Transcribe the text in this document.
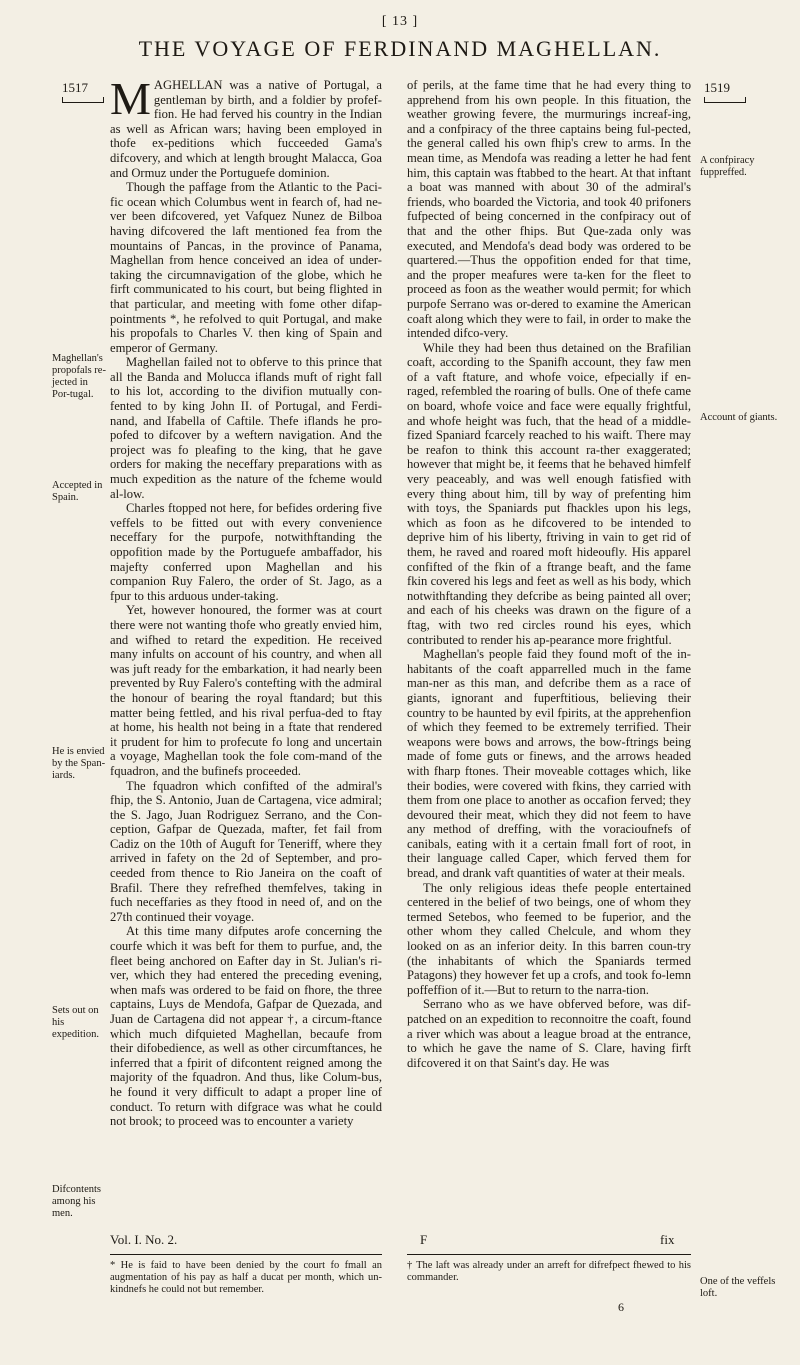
[ 13 ]
THE VOYAGE OF FERDINAND MAGHELLAN.
1517	1519
Maghellan's propofals re-jected in Por-tugal.
Accepted in Spain.
He is envied by the Span-iards.
Sets out on his expedition.
Difcontents among his men.
A confpiracy fuppreffed.
Account of giants.
One of the veffels loft.

MAGHELLAN was a native of Portugal, a gentleman by birth, and a foldier by profef-fion. He had ferved his country in the Indian as well as African wars; having been employed in thofe ex-peditions which fucceeded Gama's difcovery, and which at length brought Malacca, Goa and Ormuz under the Portuguefe dominion.

Though the paffage from the Atlantic to the Paci-fic ocean which Columbus went in fearch of, had ne-ver been difcovered, yet Vafquez Nunez de Bilboa having difcovered the laft mentioned fea from the mountains of Pancas, in the province of Panama, Maghellan from hence conceived an idea of under-taking the circumnavigation of the globe, which he firft communicated to his court, but being flighted in that particular, and meeting with fome other difap-pointments *, he refolved to quit Portugal, and make his propofals to Charles V. then king of Spain and emperor of Germany.

Maghellan failed not to obferve to this prince that all the Banda and Molucca iflands muft of right fall to his lot, according to the divifion mutually con-fented to by king John II. of Portugal, and Ferdi-nand, and Ifabella of Caftile. Thefe iflands he pro-pofed to difcover by a weftern navigation. And the project was fo pleafing to the king, that he gave orders for making the neceffary preparations with as much expedition as the nature of the fcheme would al-low.

Charles ftopped not here, for befides ordering five veffels to be fitted out with every convenience neceffary for the purpofe, notwithftanding the oppofition made by the Portuguefe ambaffador, his majefty conferred upon Maghellan and his companion Ruy Falero, the order of St. Jago, as a fpur to this arduous under-taking.

Yet, however honoured, the former was at court there were not wanting thofe who greatly envied him, and wifhed to retard the expedition. He received many infults on account of his country, and when all was juft ready for the embarkation, it had nearly been prevented by Ruy Falero's contefting with the admiral the honour of bearing the royal ftandard; but this matter being fettled, and his rival perfua-ded to ftay at home, his health not being in a ftate that rendered it prudent for him to profecute fo long and uncertain a voyage, Maghellan took the fole com-mand of the fquadron, and the bufinefs proceeded.

The fquadron which confifted of the admiral's fhip, the S. Antonio, Juan de Cartagena, vice admiral; the S. Jago, Juan Rodriguez Serrano, and the Con-ception, Gafpar de Quezada, mafter, fet fail from Cadiz on the 10th of Auguft for Teneriff, where they arrived in fafety on the 2d of September, and pro-ceeded from thence to Rio Janeira on the coaft of Brafil. There they refrefhed themfelves, taking in fuch neceffaries as they ftood in need of, and on the 27th continued their voyage.

At this time many difputes arofe concerning the courfe which it was beft for them to purfue, and, the fleet being anchored on Eafter day in St. Julian's ri-ver, which they had entered the preceding evening, when mafs was ordered to be faid on fhore, the three captains, Luys de Mendofa, Gafpar de Quezada, and Juan de Cartagena did not appear †, a circum-ftance which much difquieted Maghellan, becaufe from their difobedience, as well as other circumftances, he inferred that a fpirit of difcontent reigned among the majority of the fquadron. And thus, like Colum-bus, he found it very difficult to adapt a proper line of conduct. To return with difgrace was what he could not brook; to proceed was to encounter a variety

of perils, at the fame time that he had every thing to apprehend from his own people. In this fituation, the weather growing fevere, the murmurings increaf-ing, and a confpiracy of the three captains being ful-pected, the general called his own fhip's crew to arms. In the mean time, as Mendofa was reading a letter he had fent him, this captain was ftabbed to the heart. At that inftant a boat was manned with about 30 of the admiral's friends, who boarded the Victoria, and took 40 prifoners fufpected of being concerned in the confpiracy out of that and the other fhips. But Que-zada only was executed, and Mendofa's dead body was ordered to be quartered.—Thus the oppofition ended for that time, and the proper meafures were ta-ken for the fleet to proceed as foon as the weather would permit; for which purpofe Serrano was or-dered to examine the American coaft along which they were to fail, in order to make the intended difco-very.

While they had been thus detained on the Brafilian coaft, according to the Spanifh account, they faw men of a vaft ftature, and whofe voice, efpecially if en-raged, refembled the roaring of bulls. One of thefe came on board, whofe voice and face were equally frightful, and whofe height was fuch, that the head of a middle-fized Spaniard fcarcely reached to his waift. There may be reafon to think this account ra-ther exaggerated; however that might be, it feems that he behaved himfelf very peaceably, and was well enough fatisfied with every thing about him, till by way of prefenting him with toys, the Spaniards put fhackles upon his legs, which as foon as he difcovered to be intended to deprive him of his liberty, ftriving in vain to get rid of them, he raved and roared moft hideoufly. His apparel confifted of the fkin of a ftrange beaft, and the fame fkin covered his legs and feet as well as his body, which notwithftanding they defcribe as being painted all over; and each of his cheeks was drawn on the figure of a ftag, with two red circles round his eyes, which contributed to render his ap-pearance more frightful.

Maghellan's people faid they found moft of the in-habitants of the coaft apparrelled much in the fame man-ner as this man, and defcribe them as a race of giants, ignorant and fuperftitious, believing their country to be haunted by evil fpirits, at the apprehenfion of which they feemed to be extremely terrified. Their weapons were bows and arrows, the bow-ftrings being made of fome guts or finews, and the arrows headed with fharp ftones. Their moveable cottages which, like their bodies, were covered with fkins, they carried with them from one place to another as occafion ferved; they devoured their meat, which they did not feem to have any method of dreffing, with the voracioufnefs of canibals, eating with it a certain fmall fort of root, in their language called Caper, which ferved them for bread, and drank vaft quantities of water at their meals.

The only religious ideas thefe people entertained centered in the belief of two beings, one of whom they termed Setebos, who feemed to be fuperior, and the other whom they called Chelcule, and whom they looked on as an inferior deity. In this barren coun-try (the inhabitants of which the Spaniards termed Patagons) they however fet up a crofs, and took fo-lemn poffeffion of it.—But to return to the narra-tion.

Serrano who as we have obferved before, was dif-patched on an expedition to reconnoitre the coaft, found a river which was about a league broad at the entrance, to which he gave the name of S. Clare, having firft difcovered it on that Saint's day. He was

Vol. I. No. 2.	F	fix
* He is faid to have been denied by the court fo fmall an augmentation of his pay as half a ducat per month, which un-kindnefs he could not but remember.
† The laft was already under an arreft for difrefpect fhewed to his commander.
6
